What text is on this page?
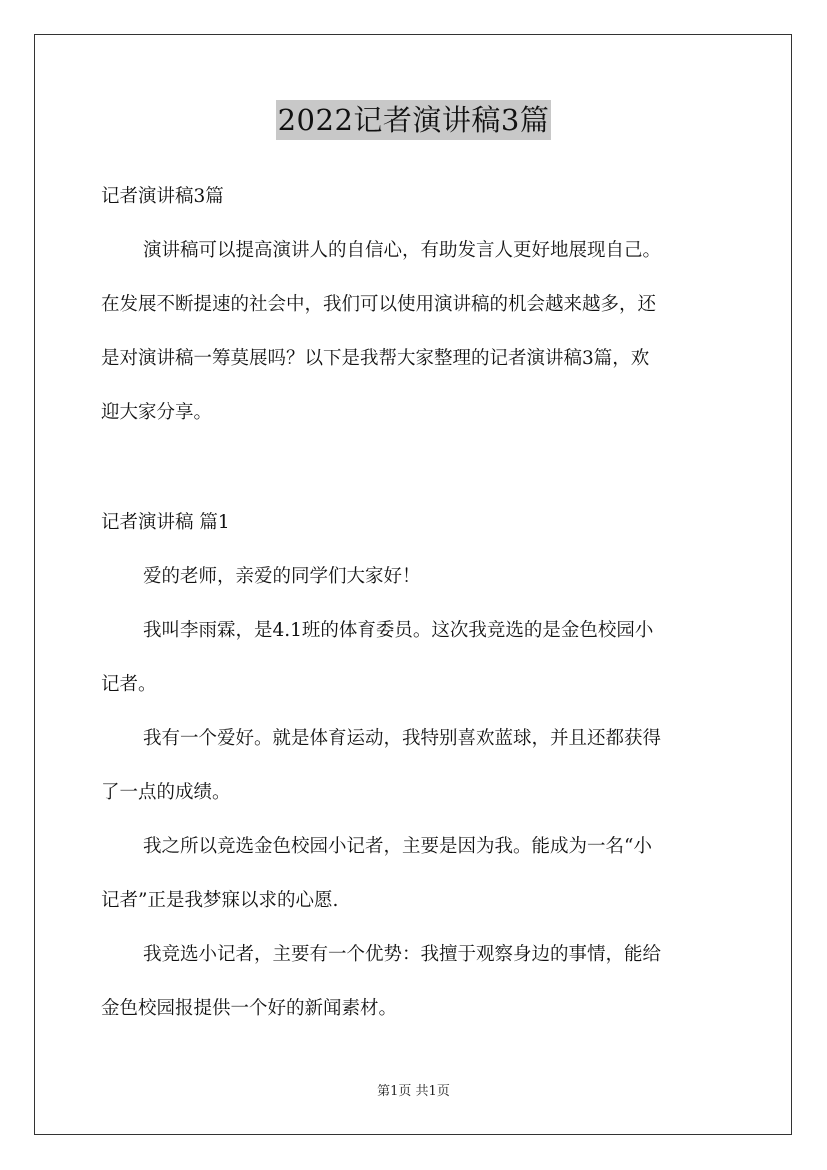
2022记者演讲稿3篇
记者演讲稿3篇
演讲稿可以提高演讲人的自信心，有助发言人更好地展现自己。
在发展不断提速的社会中，我们可以使用演讲稿的机会越来越多，还
是对演讲稿一筹莫展吗？以下是我帮大家整理的记者演讲稿3篇，欢
迎大家分享。
记者演讲稿 篇1
爱的老师，亲爱的同学们大家好！
我叫李雨霖，是4.1班的体育委员。这次我竞选的是金色校园小
记者。
我有一个爱好。就是体育运动，我特别喜欢蓝球，并且还都获得
了一点的成绩。
我之所以竞选金色校园小记者，主要是因为我。能成为一名“小
记者”正是我梦寐以求的心愿.
我竞选小记者，主要有一个优势：我擅于观察身边的事情，能给
金色校园报提供一个好的新闻素材。
第1页 共1页
